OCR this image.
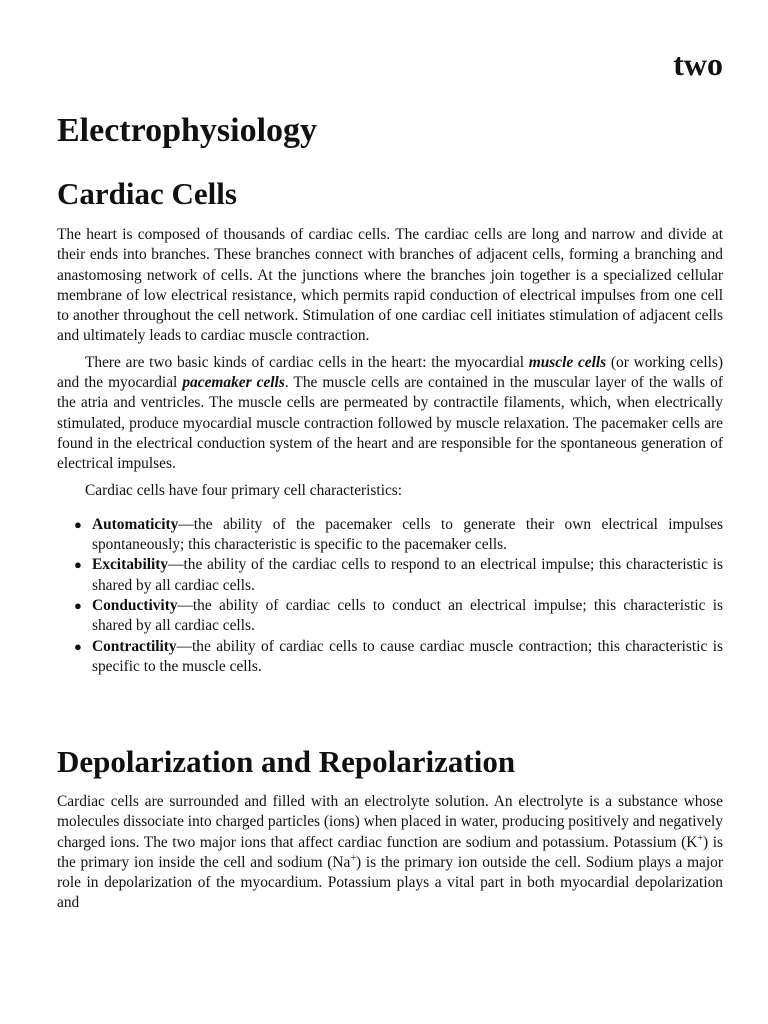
two
Electrophysiology
Cardiac Cells

The heart is composed of thousands of cardiac cells. The cardiac cells are long and narrow and divide at their ends into branches. These branches connect with branches of adjacent cells, forming a branching and anastomosing network of cells. At the junctions where the branches join together is a specialized cellular membrane of low electrical resistance, which permits rapid conduction of electrical impulses from one cell to another throughout the cell network. Stimulation of one cardiac cell initiates stimulation of adjacent cells and ultimately leads to cardiac muscle contraction.

There are two basic kinds of cardiac cells in the heart: the myocardial muscle cells (or working cells) and the myocardial pacemaker cells. The muscle cells are contained in the muscular layer of the walls of the atria and ventricles. The muscle cells are permeated by contractile filaments, which, when electrically stimulated, produce myocardial muscle contraction followed by muscle relaxation. The pacemaker cells are found in the electrical conduction system of the heart and are responsible for the spontaneous generation of electrical impulses.

Cardiac cells have four primary cell characteristics:

● Automaticity—the ability of the pacemaker cells to generate their own electrical impulses spontaneously; this characteristic is specific to the pacemaker cells.
● Excitability—the ability of the cardiac cells to respond to an electrical impulse; this characteristic is shared by all cardiac cells.
● Conductivity—the ability of cardiac cells to conduct an electrical impulse; this characteristic is shared by all cardiac cells.
● Contractility—the ability of cardiac cells to cause cardiac muscle contraction; this characteristic is specific to the muscle cells.
Depolarization and Repolarization

Cardiac cells are surrounded and filled with an electrolyte solution. An electrolyte is a substance whose molecules dissociate into charged particles (ions) when placed in water, producing positively and negatively charged ions. The two major ions that affect cardiac function are sodium and potassium. Potassium (K+) is the primary ion inside the cell and sodium (Na+) is the primary ion outside the cell. Sodium plays a major role in depolarization of the myocardium. Potassium plays a vital part in both myocardial depolarization and
